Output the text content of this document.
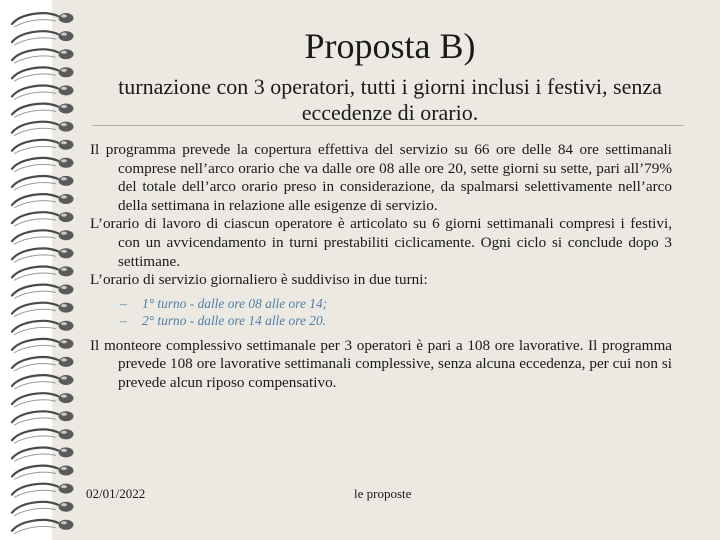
Proposta B)
turnazione con 3 operatori, tutti i giorni inclusi i festivi, senza eccedenze di orario.

Il programma prevede la copertura effettiva del servizio su 66 ore delle 84 ore settimanali comprese nell’arco orario che va dalle ore 08 alle ore 20, sette giorni su sette, pari all’79% del totale dell’arco orario preso in considerazione, da spalmarsi selettivamente nell’arco della settimana in relazione alle esigenze di servizio.

L’orario di lavoro di ciascun operatore è articolato su 6 giorni settimanali compresi i festivi, con un avvicendamento in turni prestabiliti ciclicamente. Ogni ciclo si conclude dopo 3 settimane.

L’orario di servizio giornaliero è suddiviso in due turni:

– 1° turno - dalle ore 08 alle ore 14;

– 2° turno - dalle ore 14 alle ore 20.

Il monteore complessivo settimanale per 3 operatori è pari a 108 ore lavorative. Il programma prevede 108 ore lavorative settimanali complessive, senza alcuna eccedenza, per cui non si prevede alcun riposo compensativo.

02/01/2022	le proposte
